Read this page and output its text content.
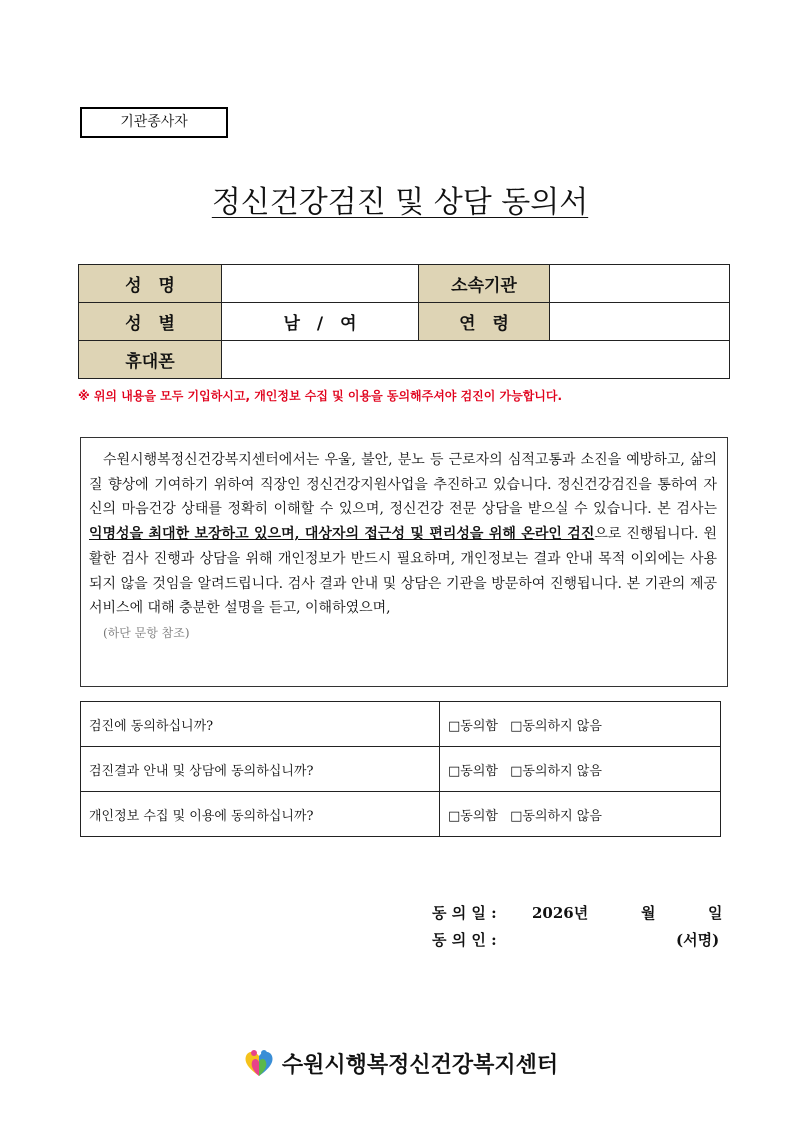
기관종사자
정신건강검진 및 상담 동의서
성　명		소속기관	
성　별	남　/　여	연　령	
휴대폰			
※ 위의 내용을 모두 기입하시고, 개인정보 수집 및 이용을 동의해주셔야 검진이 가능합니다.

수원시행복정신건강복지센터에서는 우울, 불안, 분노 등 근로자의 심적고통과 소진을 예방하고, 삶의 질 향상에 기여하기 위하여 직장인 정신건강지원사업을 추진하고 있습니다. 정신건강검진을 통하여 자신의 마음건강 상태를 정확히 이해할 수 있으며, 정신건강 전문 상담을 받으실 수 있습니다. 본 검사는 익명성을 최대한 보장하고 있으며, 대상자의 접근성 및 편리성을 위해 온라인 검진으로 진행됩니다. 원활한 검사 진행과 상담을 위해 개인정보가 반드시 필요하며, 개인정보는 결과 안내 목적 이외에는 사용되지 않을 것임을 알려드립니다. 검사 결과 안내 및 상담은 기관을 방문하여 진행됩니다. 본 기관의 제공서비스에 대해 충분한 설명을 듣고, 이해하였으며,
(하단 문항 참조)

검진에 동의하십니까?	□동의함 □동의하지 않음
검진결과 안내 및 상담에 동의하십니까?	□동의함 □동의하지 않음
개인정보 수집 및 이용에 동의하십니까?	□동의함 □동의하지 않음
동 의 일 : 2026년	월	일
동 의 인 :	(서명)
수원시행복정신건강복지센터
